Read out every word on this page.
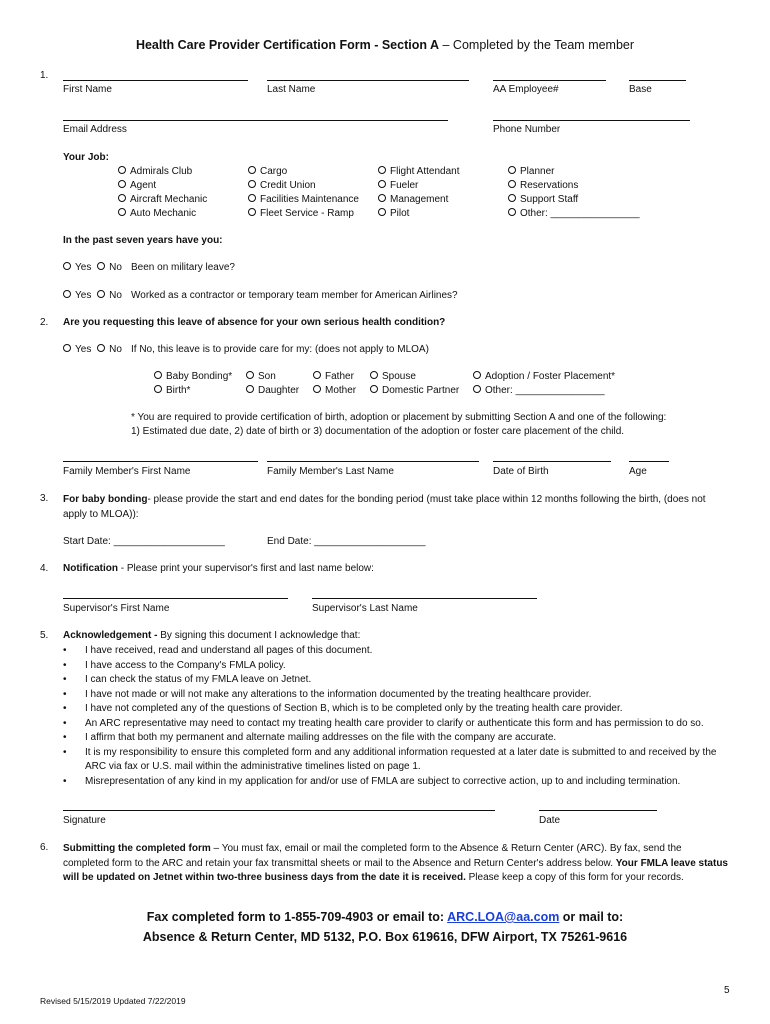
Health Care Provider Certification Form - Section A – Completed by the Team member
1.
First Name	Last Name	AA Employee#	Base
Email Address	Phone Number
Your Job:
Admirals Club
Agent
Aircraft Mechanic
Auto Mechanic
Cargo
Credit Union
Facilities Maintenance
Fleet Service - Ramp
Flight Attendant
Fueler
Management
Pilot
Planner
Reservations
Support Staff
Other: ________________
In the past seven years have you:
Yes No Been on military leave?
Yes No Worked as a contractor or temporary team member for American Airlines?
2. Are you requesting this leave of absence for your own serious health condition?
Yes No If No, this leave is to provide care for my: (does not apply to MLOA)
Baby Bonding*
Birth*
Son
Daughter
Father
Mother
Spouse
Domestic Partner
Adoption / Foster Placement*
Other: ________________
* You are required to provide certification of birth, adoption or placement by submitting Section A and one of the following:
1) Estimated due date, 2) date of birth or 3) documentation of the adoption or foster care placement of the child.
Family Member's First Name	Family Member's Last Name	Date of Birth	Age
3. For baby bonding- please provide the start and end dates for the bonding period (must take place within 12 months following the birth, (does not apply to MLOA)):
Start Date: ____________________	End Date: ____________________
4. Notification - Please print your supervisor's first and last name below:
Supervisor's First Name	Supervisor's Last Name
5. Acknowledgement - By signing this document I acknowledge that:
• I have received, read and understand all pages of this document.
• I have access to the Company's FMLA policy.
• I can check the status of my FMLA leave on Jetnet.
• I have not made or will not make any alterations to the information documented by the treating healthcare provider.
• I have not completed any of the questions of Section B, which is to be completed only by the treating health care provider.
• An ARC representative may need to contact my treating health care provider to clarify or authenticate this form and has permission to do so.
• I affirm that both my permanent and alternate mailing addresses on the file with the company are accurate.
• It is my responsibility to ensure this completed form and any additional information requested at a later date is submitted to and received by the ARC via fax or U.S. mail within the administrative timelines listed on page 1.
• Misrepresentation of any kind in my application for and/or use of FMLA are subject to corrective action, up to and including termination.
Signature	Date
6. Submitting the completed form – You must fax, email or mail the completed form to the Absence & Return Center (ARC). By fax, send the completed form to the ARC and retain your fax transmittal sheets or mail to the Absence and Return Center's address below. Your FMLA leave status will be updated on Jetnet within two-three business days from the date it is received. Please keep a copy of this form for your records.
Fax completed form to 1-855-709-4903 or email to: ARC.LOA@aa.com or mail to:
Absence & Return Center, MD 5132, P.O. Box 619616, DFW Airport, TX 75261-9616
5
Revised 5/15/2019 Updated 7/22/2019
